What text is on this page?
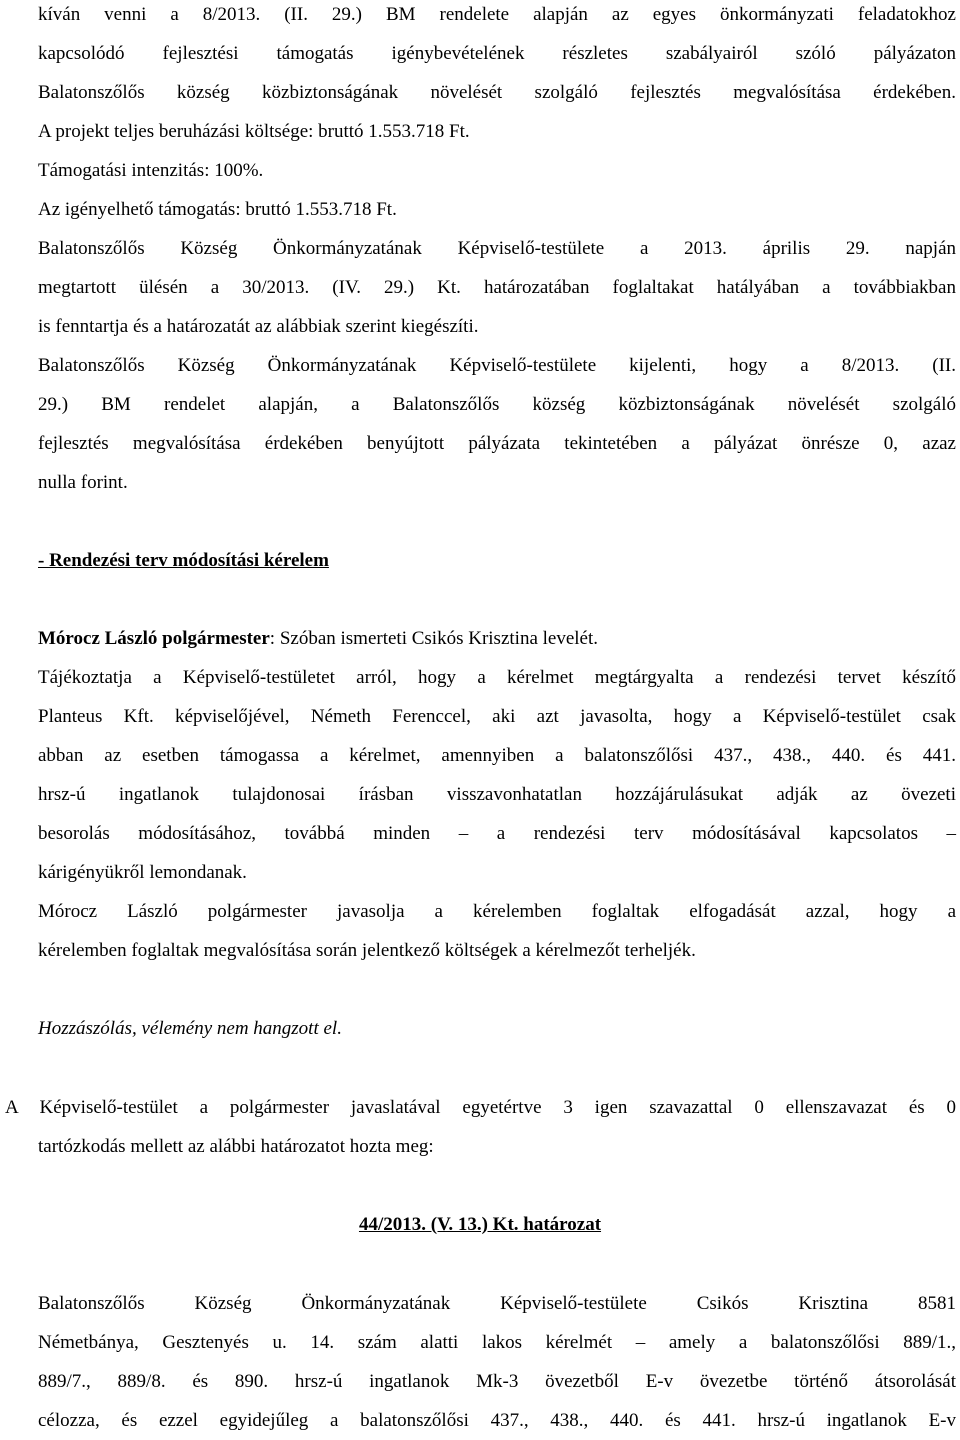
kíván venni a 8/2013. (II. 29.) BM rendelete alapján az egyes önkormányzati feladatokhoz
kapcsolódó fejlesztési támogatás igénybevételének részletes szabályairól szóló pályázaton
Balatonszőlős község közbiztonságának növelését szolgáló fejlesztés megvalósítása érdekében.
A projekt teljes beruházási költsége: bruttó 1.553.718 Ft.
Támogatási intenzitás: 100%.
Az igényelhető támogatás: bruttó 1.553.718 Ft.
Balatonszőlős Község Önkormányzatának Képviselő-testülete a 2013. április 29. napján
megtartott ülésén a 30/2013. (IV. 29.) Kt. határozatában foglaltakat hatályában a továbbiakban
is fenntartja és a határozatát az alábbiak szerint kiegészíti.
Balatonszőlős Község Önkormányzatának Képviselő-testülete kijelenti, hogy a 8/2013. (II.
29.) BM rendelet alapján, a Balatonszőlős község közbiztonságának növelését szolgáló
fejlesztés megvalósítása érdekében benyújtott pályázata tekintetében a pályázat önrésze 0, azaz
nulla forint.
- Rendezési terv módosítási kérelem
Mórocz László polgármester: Szóban ismerteti Csikós Krisztina levelét.
Tájékoztatja a Képviselő-testületet arról, hogy a kérelmet megtárgyalta a rendezési tervet készítő
Planteus Kft. képviselőjével, Németh Ferenccel, aki azt javasolta, hogy a Képviselő-testület csak
abban az esetben támogassa a kérelmet, amennyiben a balatonszőlősi 437., 438., 440. és 441.
hrsz-ú ingatlanok tulajdonosai írásban visszavonhatatlan hozzájárulásukat adják az övezeti
besorolás módosításához, továbbá minden – a rendezési terv módosításával kapcsolatos –
kárigényükről lemondanak.
Mórocz László polgármester javasolja a kérelemben foglaltak elfogadását azzal, hogy a
kérelemben foglaltak megvalósítása során jelentkező költségek a kérelmezőt terheljék.
Hozzászólás, vélemény nem hangzott el.
A Képviselő-testület a polgármester javaslatával egyetértve 3 igen szavazattal 0 ellenszavazat és 0
tartózkodás mellett az alábbi határozatot hozta meg:
44/2013. (V. 13.) Kt. határozat
Balatonszőlős Község Önkormányzatának Képviselő-testülete Csikós Krisztina 8581
Németbánya, Gesztenyés u. 14. szám alatti lakos kérelmét – amely a balatonszőlősi 889/1.,
889/7., 889/8. és 890. hrsz-ú ingatlanok Mk-3 övezetből E-v övezetbe történő átsorolását
célozza, és ezzel egyidejűleg a balatonszőlősi 437., 438., 440. és 441. hrsz-ú ingatlanok E-v
